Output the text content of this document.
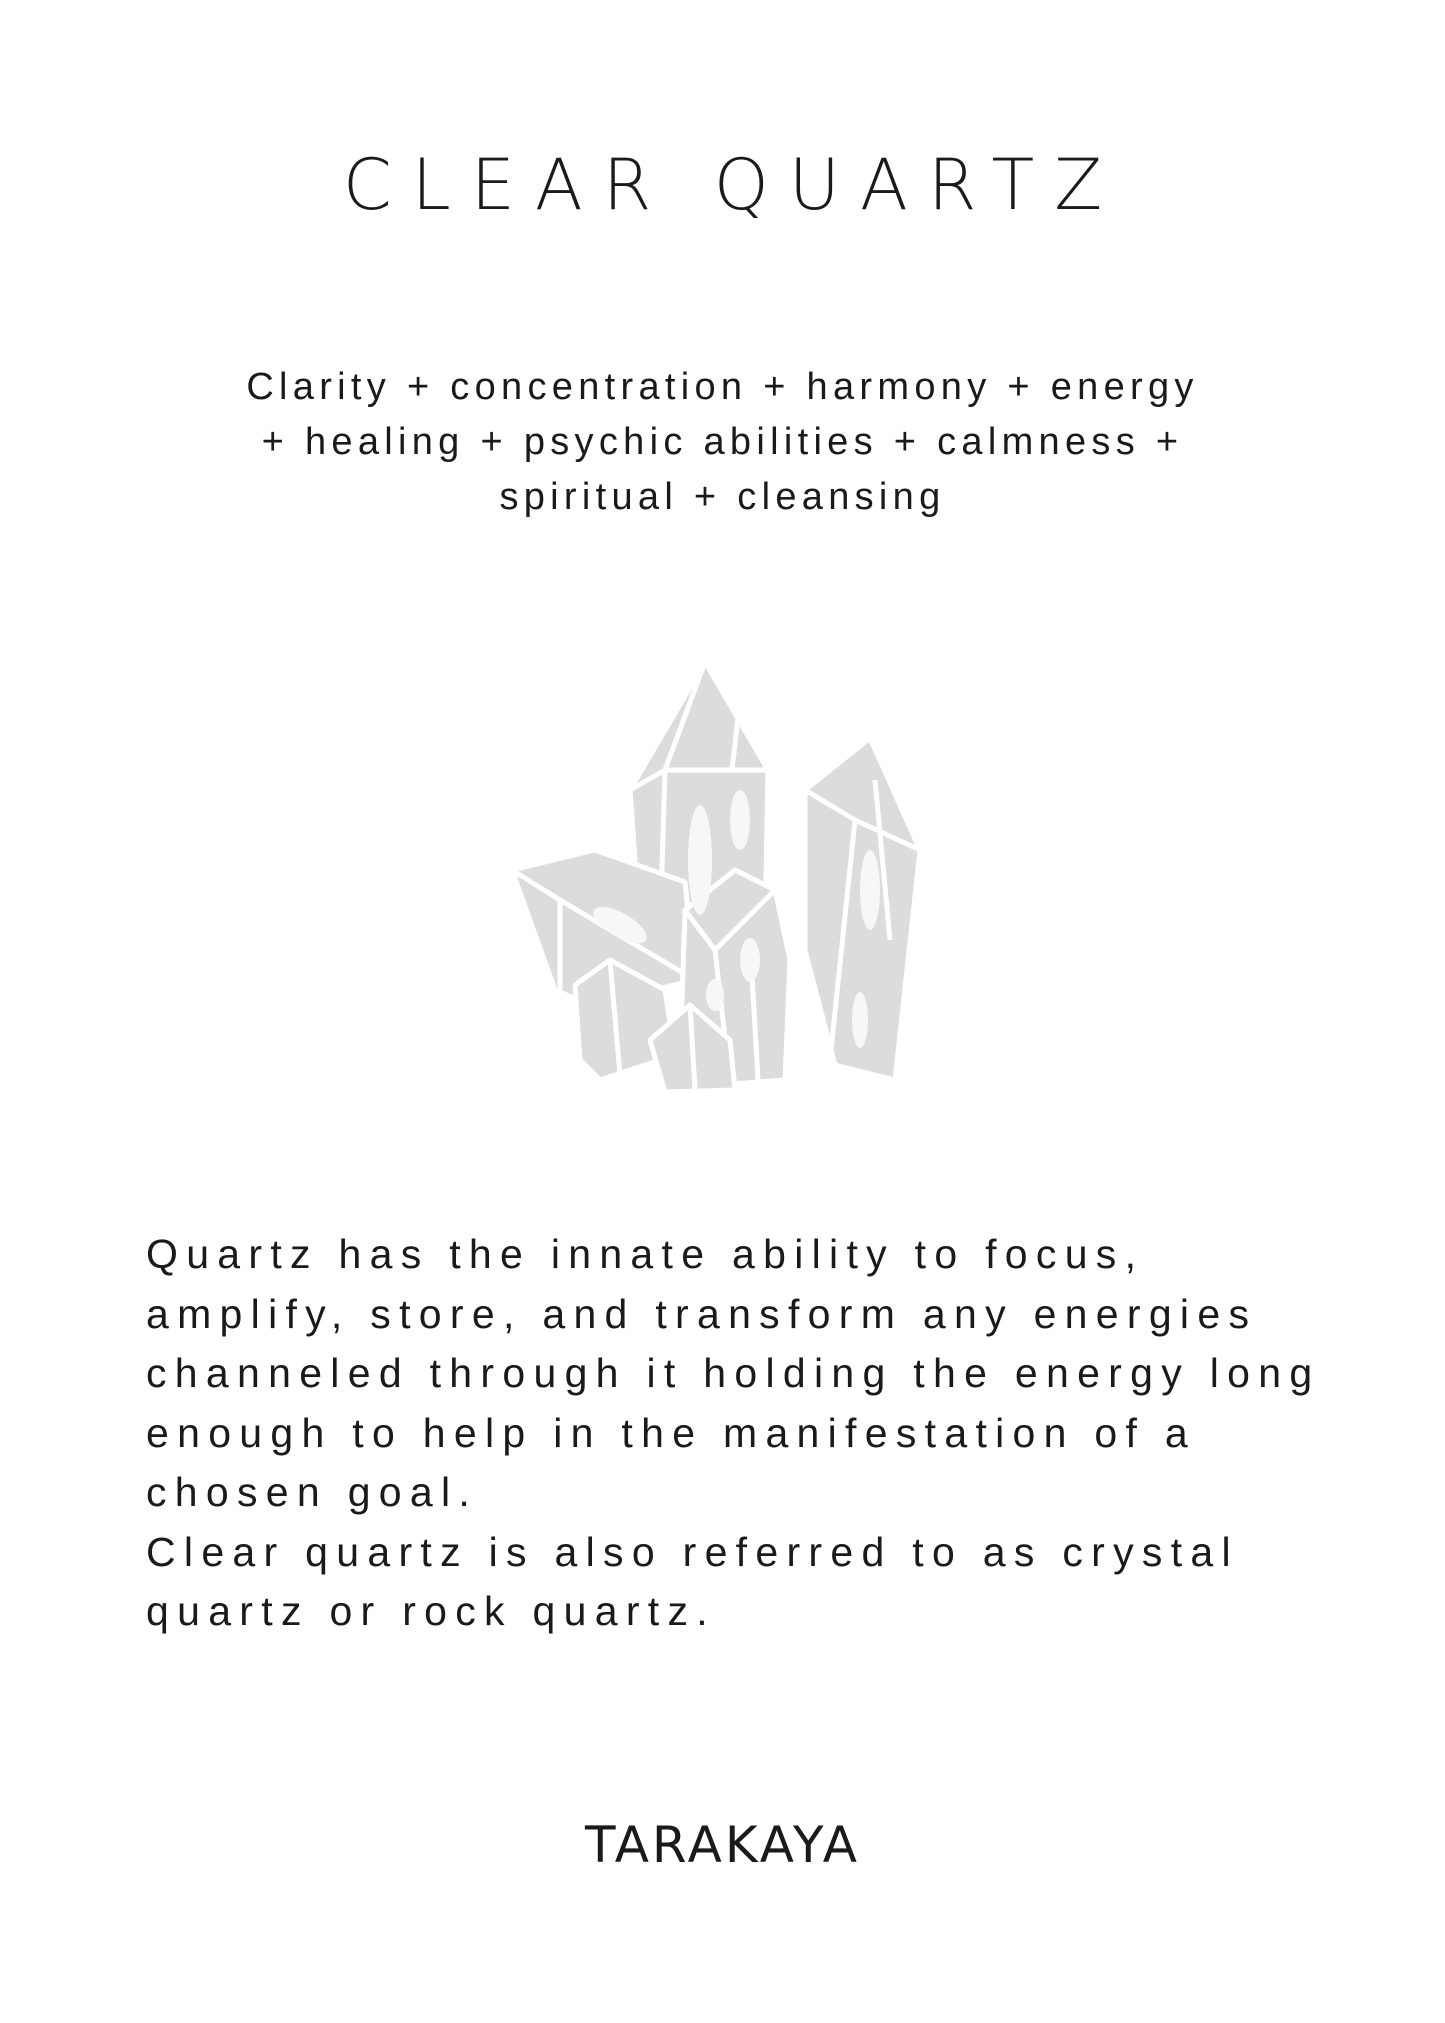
CLEAR QUARTZ
Clarity + concentration + harmony + energy
+ healing + psychic abilities + calmness +
spiritual + cleansing
Quartz has the innate ability to focus,
amplify, store, and transform any energies
channeled through it holding the energy long
enough to help in the manifestation of a
chosen goal.
Clear quartz is also referred to as crystal
quartz or rock quartz.
TARAKAYA
